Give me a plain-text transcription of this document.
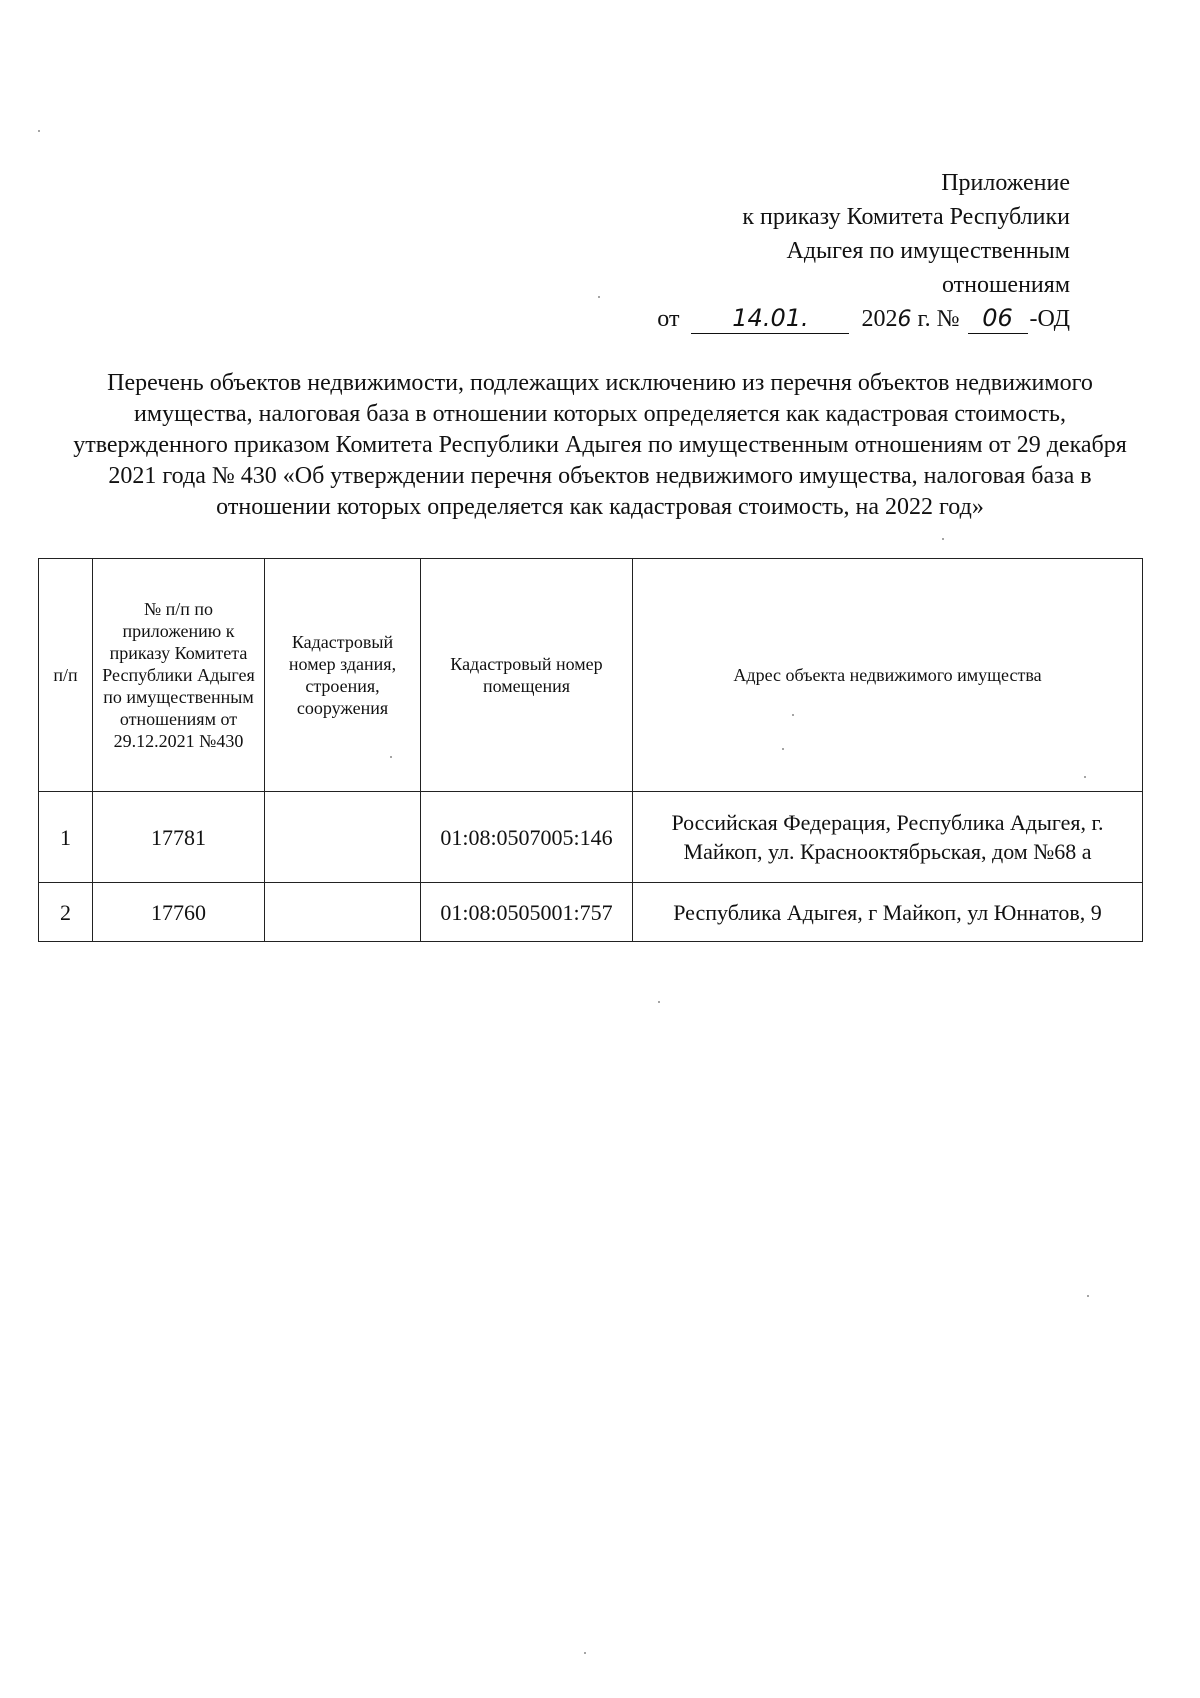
Приложение
к приказу Комитета Республики
Адыгея по имущественным
отношениям
от 14.01. 2026 г. № 06 -ОД
Перечень объектов недвижимости, подлежащих исключению из перечня объектов недвижимого имущества, налоговая база в отношении которых определяется как кадастровая стоимость, утвержденного приказом Комитета Республики Адыгея по имущественным отношениям от 29 декабря 2021 года № 430 «Об утверждении перечня объектов недвижимого имущества, налоговая база в отношении которых определяется как кадастровая стоимость, на 2022 год»
п/п	№ п/п по приложению к приказу Комитета Республики Адыгея по имущественным отношениям от 29.12.2021 №430	Кадастровый номер здания, строения, сооружения	Кадастровый номер помещения	Адрес объекта недвижимого имущества
1	17781		01:08:0507005:146	Российская Федерация, Республика Адыгея, г. Майкоп, ул. Краснооктябрьская, дом №68 а
2	17760		01:08:0505001:757	Республика Адыгея, г Майкоп, ул Юннатов, 9
